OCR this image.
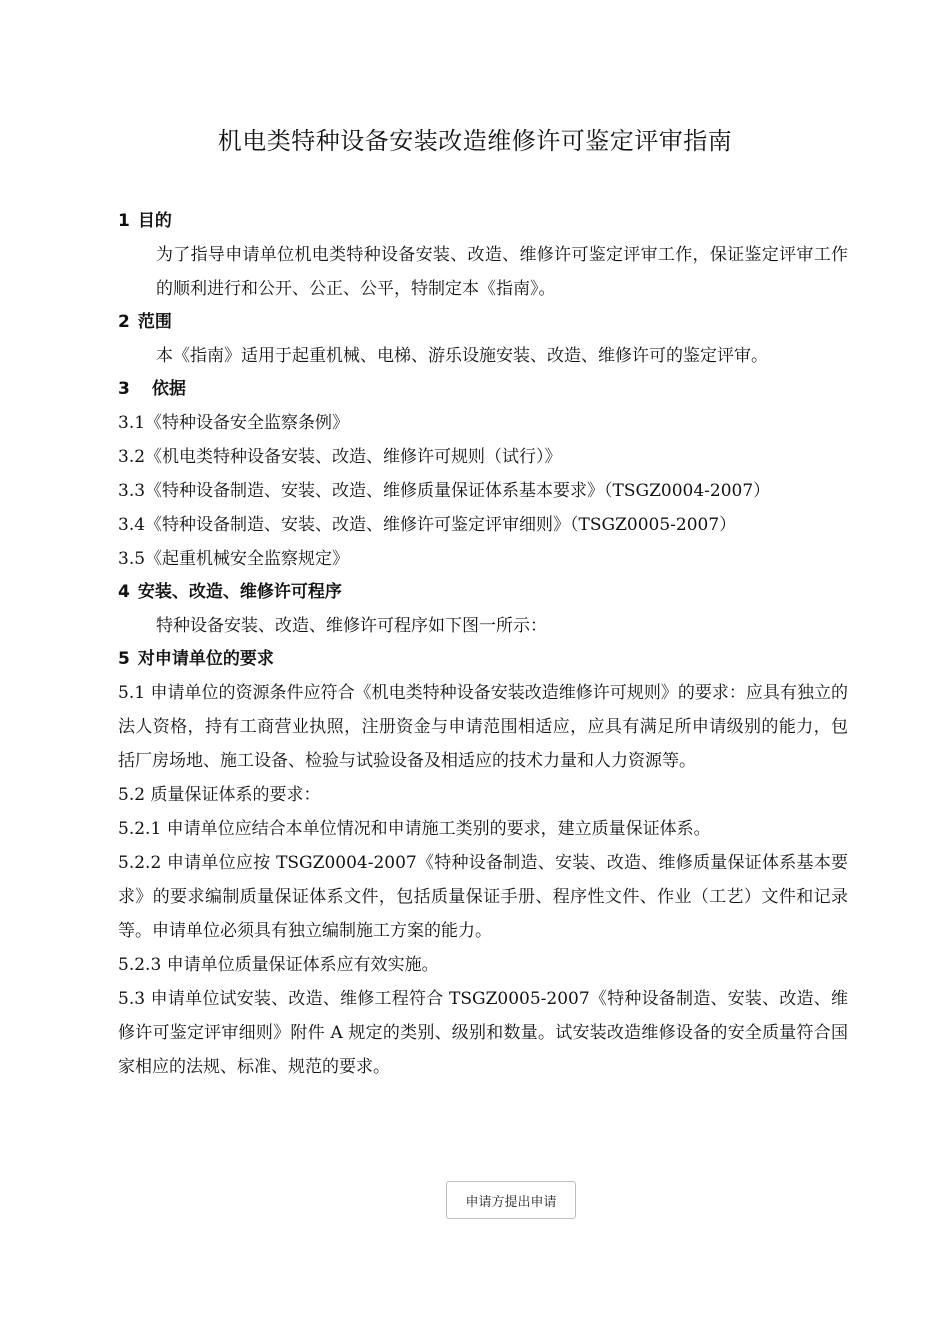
机电类特种设备安装改造维修许可鉴定评审指南
1 目的

为了指导申请单位机电类特种设备安装、改造、维修许可鉴定评审工作，保证鉴定评审工作的顺利进行和公开、公正、公平，特制定本《指南》。

2 范围

本《指南》适用于起重机械、电梯、游乐设施安装、改造、维修许可的鉴定评审。

3 依据

3.1《特种设备安全监察条例》

3.2《机电类特种设备安装、改造、维修许可规则（试行）》

3.3《特种设备制造、安装、改造、维修质量保证体系基本要求》（TSGZ0004-2007）

3.4《特种设备制造、安装、改造、维修许可鉴定评审细则》（TSGZ0005-2007）

3.5《起重机械安全监察规定》

4 安装、改造、维修许可程序

特种设备安装、改造、维修许可程序如下图一所示：

5 对申请单位的要求

5.1 申请单位的资源条件应符合《机电类特种设备安装改造维修许可规则》的要求：应具有独立的法人资格，持有工商营业执照，注册资金与申请范围相适应，应具有满足所申请级别的能力，包括厂房场地、施工设备、检验与试验设备及相适应的技术力量和人力资源等。

5.2 质量保证体系的要求：

5.2.1 申请单位应结合本单位情况和申请施工类别的要求，建立质量保证体系。

5.2.2 申请单位应按 TSGZ0004-2007《特种设备制造、安装、改造、维修质量保证体系基本要求》的要求编制质量保证体系文件，包括质量保证手册、程序性文件、作业（工艺）文件和记录等。申请单位必须具有独立编制施工方案的能力。

5.2.3 申请单位质量保证体系应有效实施。

5.3 申请单位试安装、改造、维修工程符合 TSGZ0005-2007《特种设备制造、安装、改造、维修许可鉴定评审细则》附件 A 规定的类别、级别和数量。试安装改造维修设备的安全质量符合国家相应的法规、标准、规范的要求。

申请方提出申请
